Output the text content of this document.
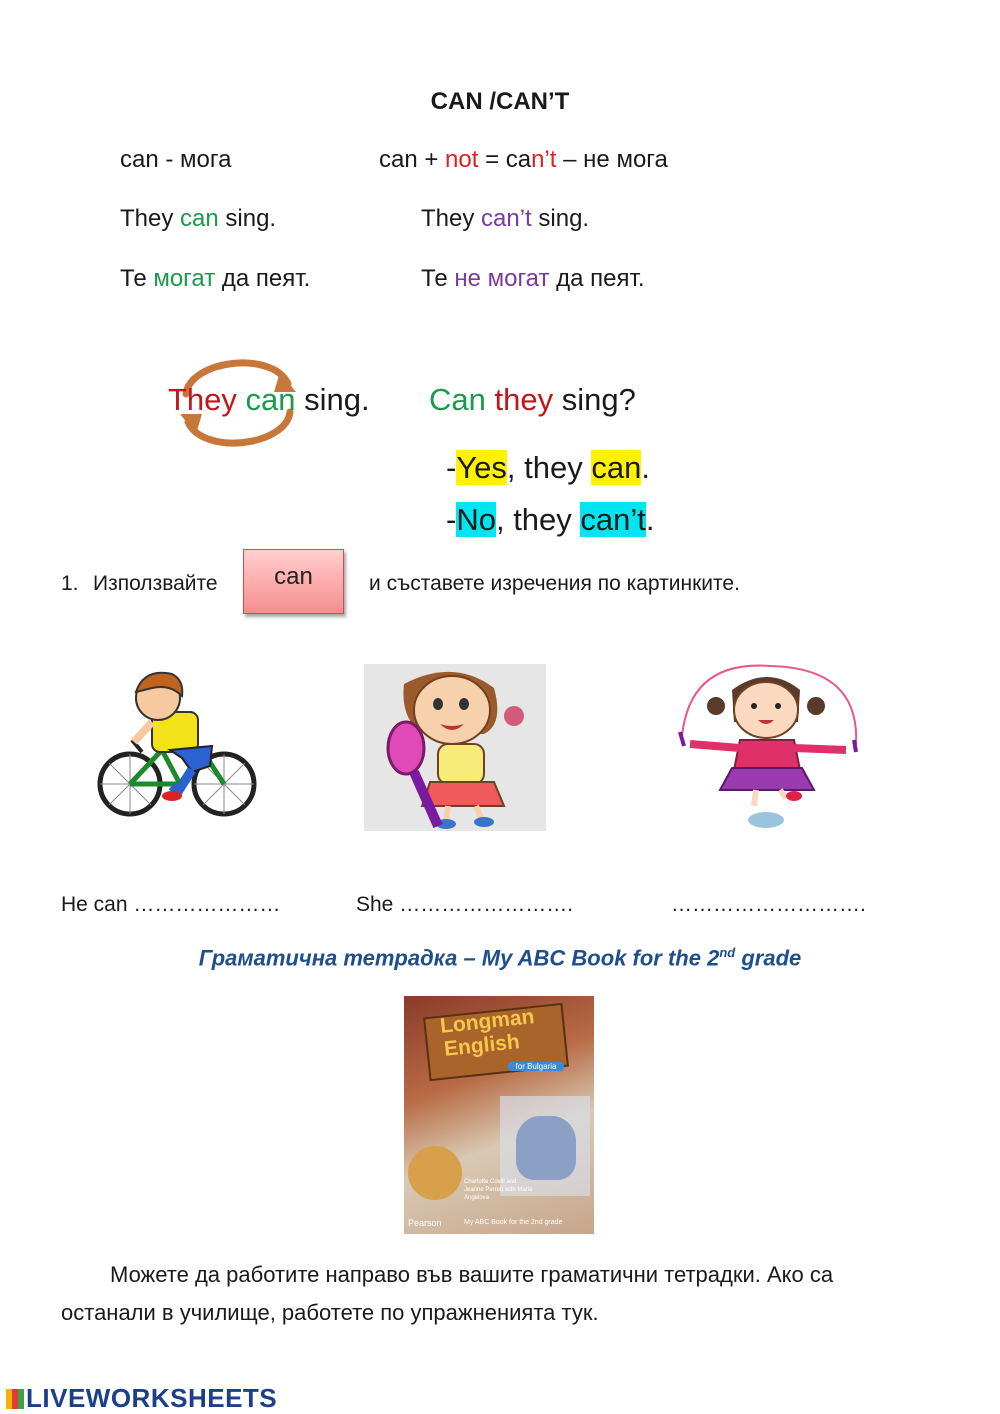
CAN /CAN’T
can - мога	can + not = can’t – не мога
They can sing.	They can’t sing.
Те могат да пеят.	Те не могат да пеят.
They can sing. Can they sing?
-Yes, they can.
-No, they can’t.
1. Използвайте	can	и съставете изречения по картинките.
He can …………………	She …………………….	……………………….
Граматична тетрадка – My ABC Book for the 2nd grade
Longman
English
for Bulgaria
Charlotte Covill and Jeanne Perrett with Maria Angelova
Pearson	My ABC Book for the 2nd grade
Можете да работите направо във вашите граматични тетрадки. Ако са
останали в училище, работете по упражненията тук.
LIVEWORKSHEETS
